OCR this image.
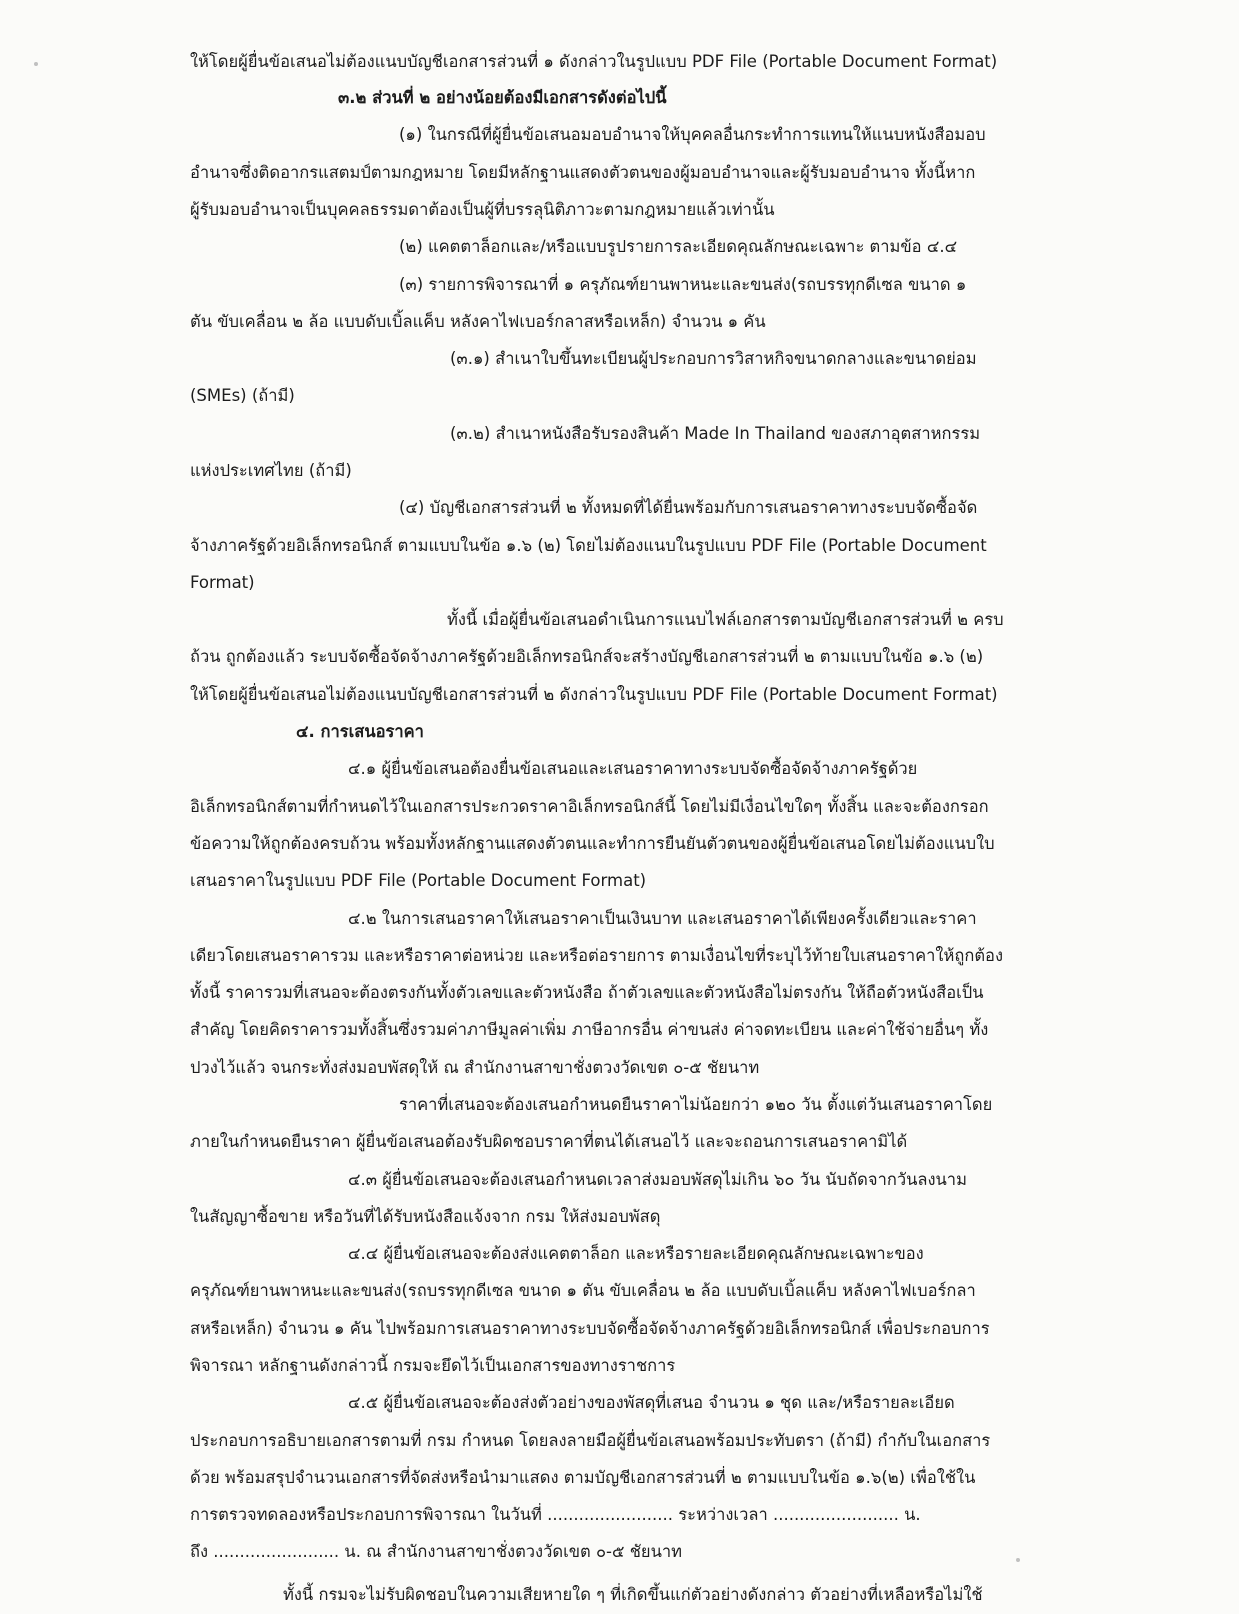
ให้โดยผู้ยื่นข้อเสนอไม่ต้องแนบบัญชีเอกสารส่วนที่ ๑ ดังกล่าวในรูปแบบ PDF File (Portable Document Format)
๓.๒ ส่วนที่ ๒ อย่างน้อยต้องมีเอกสารดังต่อไปนี้
(๑) ในกรณีที่ผู้ยื่นข้อเสนอมอบอำนาจให้บุคคลอื่นกระทำการแทนให้แนบหนังสือมอบ
อำนาจซึ่งติดอากรแสตมป์ตามกฎหมาย โดยมีหลักฐานแสดงตัวตนของผู้มอบอำนาจและผู้รับมอบอำนาจ ทั้งนี้หาก
ผู้รับมอบอำนาจเป็นบุคคลธรรมดาต้องเป็นผู้ที่บรรลุนิติภาวะตามกฎหมายแล้วเท่านั้น
(๒) แคตตาล็อกและ/หรือแบบรูปรายการละเอียดคุณลักษณะเฉพาะ ตามข้อ ๔.๔
(๓) รายการพิจารณาที่ ๑ ครุภัณฑ์ยานพาหนะและขนส่ง(รถบรรทุกดีเซล ขนาด ๑
ตัน ขับเคลื่อน ๒ ล้อ แบบดับเบิ้ลแค็บ หลังคาไฟเบอร์กลาสหรือเหล็ก) จำนวน ๑ คัน
(๓.๑) สำเนาใบขึ้นทะเบียนผู้ประกอบการวิสาหกิจขนาดกลางและขนาดย่อม
(SMEs) (ถ้ามี)
(๓.๒) สำเนาหนังสือรับรองสินค้า Made In Thailand ของสภาอุตสาหกรรม
แห่งประเทศไทย (ถ้ามี)
(๔) บัญชีเอกสารส่วนที่ ๒ ทั้งหมดที่ได้ยื่นพร้อมกับการเสนอราคาทางระบบจัดซื้อจัด
จ้างภาครัฐด้วยอิเล็กทรอนิกส์ ตามแบบในข้อ ๑.๖ (๒) โดยไม่ต้องแนบในรูปแบบ PDF File (Portable Document
Format)
ทั้งนี้ เมื่อผู้ยื่นข้อเสนอดำเนินการแนบไฟล์เอกสารตามบัญชีเอกสารส่วนที่ ๒ ครบ
ถ้วน ถูกต้องแล้ว ระบบจัดซื้อจัดจ้างภาครัฐด้วยอิเล็กทรอนิกส์จะสร้างบัญชีเอกสารส่วนที่ ๒ ตามแบบในข้อ ๑.๖ (๒)
ให้โดยผู้ยื่นข้อเสนอไม่ต้องแนบบัญชีเอกสารส่วนที่ ๒ ดังกล่าวในรูปแบบ PDF File (Portable Document Format)
๔. การเสนอราคา
๔.๑ ผู้ยื่นข้อเสนอต้องยื่นข้อเสนอและเสนอราคาทางระบบจัดซื้อจัดจ้างภาครัฐด้วย
อิเล็กทรอนิกส์ตามที่กำหนดไว้ในเอกสารประกวดราคาอิเล็กทรอนิกส์นี้ โดยไม่มีเงื่อนไขใดๆ ทั้งสิ้น และจะต้องกรอก
ข้อความให้ถูกต้องครบถ้วน พร้อมทั้งหลักฐานแสดงตัวตนและทำการยืนยันตัวตนของผู้ยื่นข้อเสนอโดยไม่ต้องแนบใบ
เสนอราคาในรูปแบบ PDF File (Portable Document Format)
๔.๒ ในการเสนอราคาให้เสนอราคาเป็นเงินบาท และเสนอราคาได้เพียงครั้งเดียวและราคา
เดียวโดยเสนอราคารวม และหรือราคาต่อหน่วย และหรือต่อรายการ ตามเงื่อนไขที่ระบุไว้ท้ายใบเสนอราคาให้ถูกต้อง
ทั้งนี้ ราคารวมที่เสนอจะต้องตรงกันทั้งตัวเลขและตัวหนังสือ ถ้าตัวเลขและตัวหนังสือไม่ตรงกัน ให้ถือตัวหนังสือเป็น
สำคัญ โดยคิดราคารวมทั้งสิ้นซึ่งรวมค่าภาษีมูลค่าเพิ่ม ภาษีอากรอื่น ค่าขนส่ง ค่าจดทะเบียน และค่าใช้จ่ายอื่นๆ ทั้ง
ปวงไว้แล้ว จนกระทั่งส่งมอบพัสดุให้ ณ สำนักงานสาขาชั่งตวงวัดเขต ๐-๕ ชัยนาท
ราคาที่เสนอจะต้องเสนอกำหนดยืนราคาไม่น้อยกว่า ๑๒๐ วัน ตั้งแต่วันเสนอราคาโดย
ภายในกำหนดยืนราคา ผู้ยื่นข้อเสนอต้องรับผิดชอบราคาที่ตนได้เสนอไว้ และจะถอนการเสนอราคามิได้
๔.๓ ผู้ยื่นข้อเสนอจะต้องเสนอกำหนดเวลาส่งมอบพัสดุไม่เกิน ๖๐ วัน นับถัดจากวันลงนาม
ในสัญญาซื้อขาย หรือวันที่ได้รับหนังสือแจ้งจาก กรม ให้ส่งมอบพัสดุ
๔.๔ ผู้ยื่นข้อเสนอจะต้องส่งแคตตาล็อก และหรือรายละเอียดคุณลักษณะเฉพาะของ
ครุภัณฑ์ยานพาหนะและขนส่ง(รถบรรทุกดีเซล ขนาด ๑ ตัน ขับเคลื่อน ๒ ล้อ แบบดับเบิ้ลแค็บ หลังคาไฟเบอร์กลา
สหรือเหล็ก) จำนวน ๑ คัน ไปพร้อมการเสนอราคาทางระบบจัดซื้อจัดจ้างภาครัฐด้วยอิเล็กทรอนิกส์ เพื่อประกอบการ
พิจารณา หลักฐานดังกล่าวนี้ กรมจะยึดไว้เป็นเอกสารของทางราชการ
๔.๕ ผู้ยื่นข้อเสนอจะต้องส่งตัวอย่างของพัสดุที่เสนอ จำนวน ๑ ชุด และ/หรือรายละเอียด
ประกอบการอธิบายเอกสารตามที่ กรม กำหนด โดยลงลายมือผู้ยื่นข้อเสนอพร้อมประทับตรา (ถ้ามี) กำกับในเอกสาร
ด้วย พร้อมสรุปจำนวนเอกสารที่จัดส่งหรือนำมาแสดง ตามบัญชีเอกสารส่วนที่ ๒ ตามแบบในข้อ ๑.๖(๒) เพื่อใช้ใน
การตรวจทดลองหรือประกอบการพิจารณา ในวันที่ ........................ ระหว่างเวลา ........................ น.
ถึง ........................ น. ณ สำนักงานสาขาชั่งตวงวัดเขต ๐-๕ ชัยนาท
ทั้งนี้ กรมจะไม่รับผิดชอบในความเสียหายใด ๆ ที่เกิดขึ้นแก่ตัวอย่างดังกล่าว ตัวอย่างที่เหลือหรือไม่ใช้
